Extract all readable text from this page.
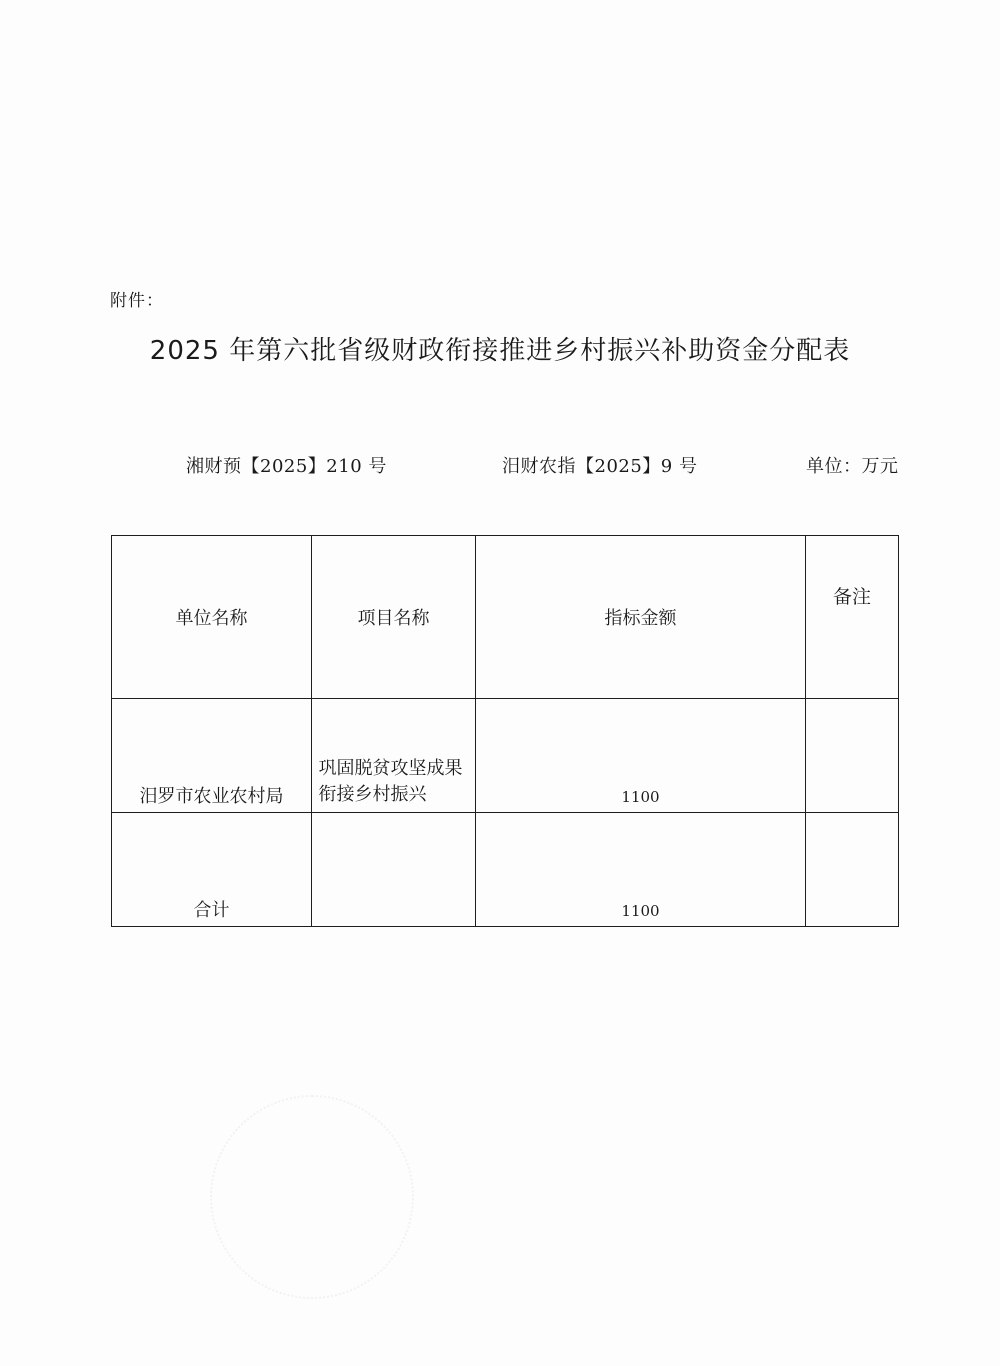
附件：
2025 年第六批省级财政衔接推进乡村振兴补助资金分配表
湘财预【2025】210 号	汨财农指【2025】9 号	单位：万元
单位名称	项目名称	指标金额	备注
汨罗市农业农村局	巩固脱贫攻坚成果衔接乡村振兴	1100	
合计		1100	
